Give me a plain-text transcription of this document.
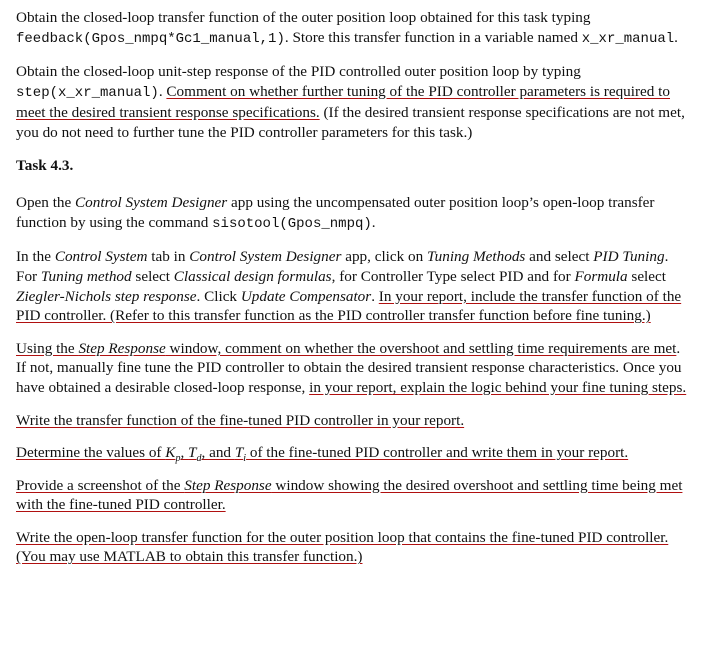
Obtain the closed-loop transfer function of the outer position loop obtained for this task typing feedback(Gpos_nmpq*Gc1_manual,1). Store this transfer function in a variable named x_xr_manual.

Obtain the closed-loop unit-step response of the PID controlled outer position loop by typing step(x_xr_manual). Comment on whether further tuning of the PID controller parameters is required to meet the desired transient response specifications. (If the desired transient response specifications are not met, you do not need to further tune the PID controller parameters for this task.)

Task 4.3.

Open the Control System Designer app using the uncompensated outer position loop’s open-loop transfer function by using the command sisotool(Gpos_nmpq).

In the Control System tab in Control System Designer app, click on Tuning Methods and select PID Tuning. For Tuning method select Classical design formulas, for Controller Type select PID and for Formula select Ziegler-Nichols step response. Click Update Compensator. In your report, include the transfer function of the PID controller. (Refer to this transfer function as the PID controller transfer function before fine tuning.)

Using the Step Response window, comment on whether the overshoot and settling time requirements are met. If not, manually fine tune the PID controller to obtain the desired transient response characteristics. Once you have obtained a desirable closed-loop response, in your report, explain the logic behind your fine tuning steps.

Write the transfer function of the fine-tuned PID controller in your report.

Determine the values of $K_p$, $T_d$, and $T_i$ of the fine-tuned PID controller and write them in your report.

Provide a screenshot of the Step Response window showing the desired overshoot and settling time being met with the fine-tuned PID controller.

Write the open-loop transfer function for the outer position loop that contains the fine-tuned PID controller. (You may use MATLAB to obtain this transfer function.)
